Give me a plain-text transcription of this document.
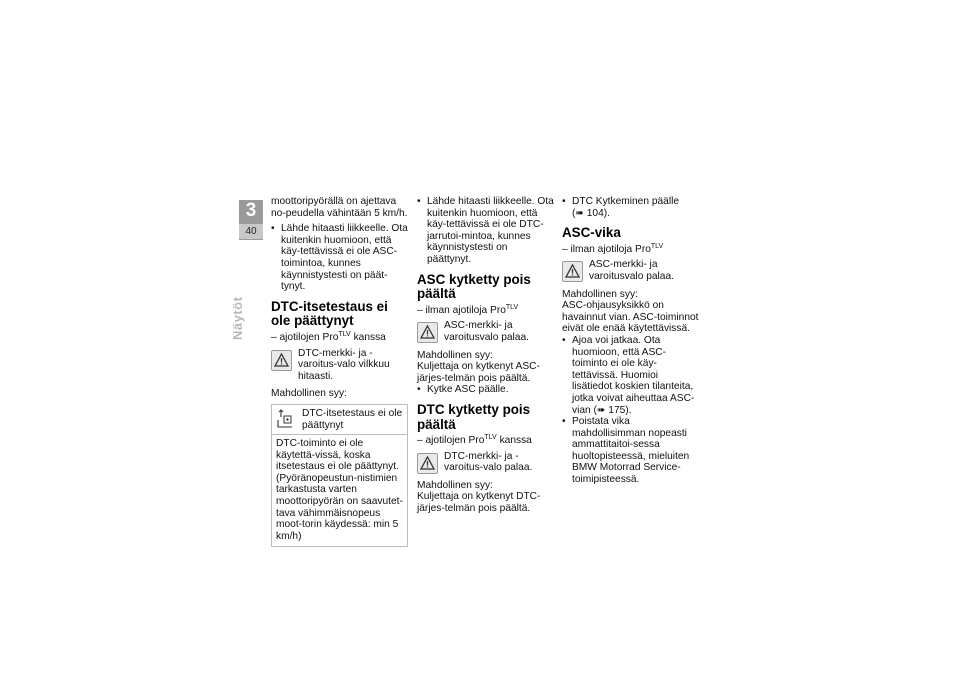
3
40
Näytöt

moottoripyörällä on ajettava no-peudella vähintään 5 km/h.

• Lähde hitaasti liikkeelle. Ota kuitenkin huomioon, että käy-tettävissä ei ole ASC-toimintoa, kunnes käynnistystesti on päät-tynyt.
DTC-itsetestaus ei ole päättynyt
– ajotilojen Pro$^{TLV}$ kanssa
DTC-merkki- ja -varoitus-valo vilkkuu hitaasti.

Mahdollinen syy:

DTC-itsetestaus ei ole päättynyt
DTC-toiminto ei ole käytettä-vissä, koska itsetestaus ei ole päättynyt. (Pyöränopeustun-nistimien tarkastusta varten moottoripyörän on saavutet-tava vähimmäisnopeus moot-torin käydessä: min 5 km/h)
• Lähde hitaasti liikkeelle. Ota kuitenkin huomioon, että käy-tettävissä ei ole DTC-jarrutoi-mintoa, kunnes käynnistystesti on päättynyt.
ASC kytketty pois päältä
– ilman ajotiloja Pro$^{TLV}$
ASC-merkki- ja varoitusvalo palaa.

Mahdollinen syy:

Kuljettaja on kytkenyt ASC-järjes-telmän pois päältä.

• Kytke ASC päälle.
DTC kytketty pois päältä
– ajotilojen Pro$^{TLV}$ kanssa
DTC-merkki- ja -varoitus-valo palaa.

Mahdollinen syy:

Kuljettaja on kytkenyt DTC-järjes-telmän pois päältä.

• DTC Kytkeminen päälle
(➠ 104).
ASC-vika
– ilman ajotiloja Pro$^{TLV}$
ASC-merkki- ja varoitusvalo palaa.

Mahdollinen syy:

ASC-ohjausyksikkö on havainnut vian. ASC-toiminnot eivät ole enää käytettävissä.

• Ajoa voi jatkaa. Ota huomioon, että ASC-toiminto ei ole käy-tettävissä. Huomioi lisätiedot koskien tilanteita, jotka voivat aiheuttaa ASC-vian (➠ 175).
• Poistata vika mahdollisimman nopeasti ammattitaitoi-sessa huoltopisteessä, mieluiten BMW Motorrad Service-toimipisteessä.
